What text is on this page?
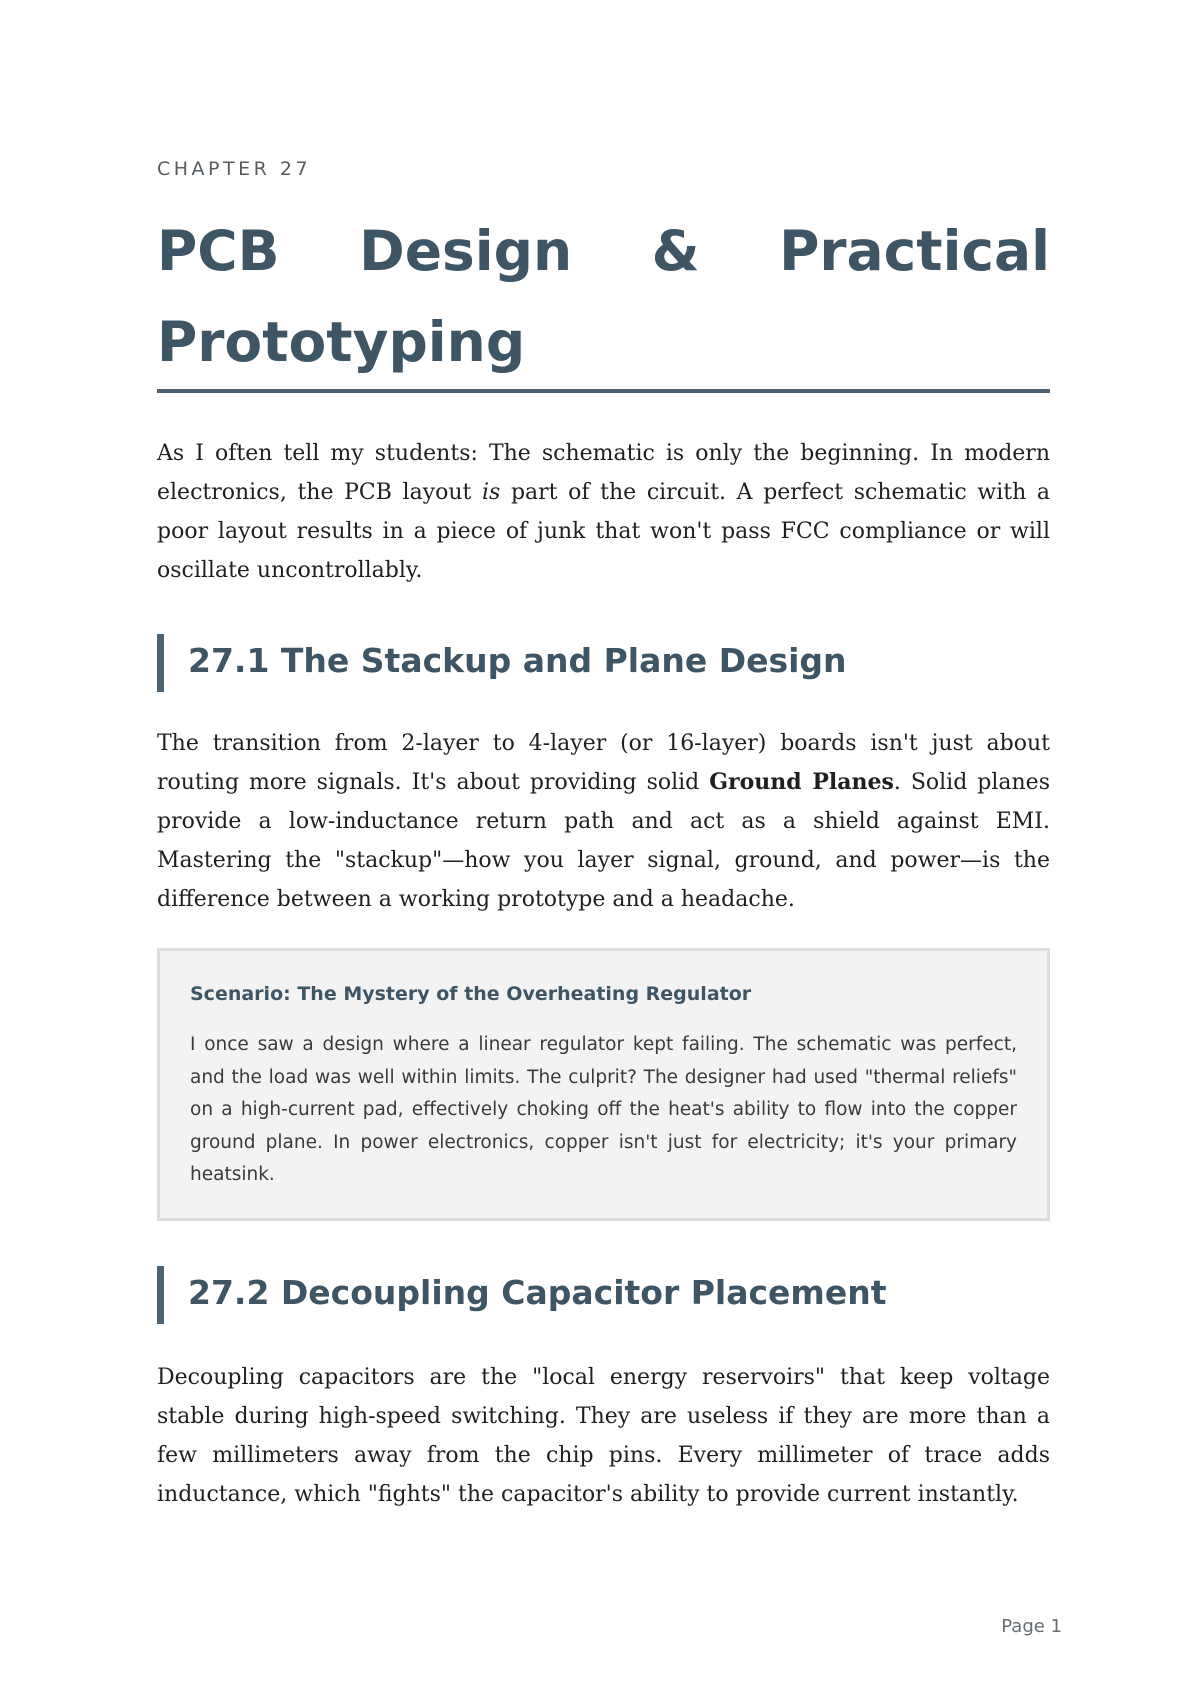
CHAPTER 27
PCB Design & Practical Prototyping

As I often tell my students: The schematic is only the beginning. In modern electronics, the PCB layout is part of the circuit. A perfect schematic with a poor layout results in a piece of junk that won't pass FCC compliance or will oscillate uncontrollably.

27.1 The Stackup and Plane Design

The transition from 2-layer to 4-layer (or 16-layer) boards isn't just about routing more signals. It's about providing solid Ground Planes. Solid planes provide a low-inductance return path and act as a shield against EMI. Mastering the "stackup"—how you layer signal, ground, and power—is the difference between a working prototype and a headache.

Scenario: The Mystery of the Overheating Regulator

I once saw a design where a linear regulator kept failing. The schematic was perfect, and the load was well within limits. The culprit? The designer had used "thermal reliefs" on a high-current pad, effectively choking off the heat's ability to flow into the copper ground plane. In power electronics, copper isn't just for electricity; it's your primary heatsink.

27.2 Decoupling Capacitor Placement

Decoupling capacitors are the "local energy reservoirs" that keep voltage stable during high-speed switching. They are useless if they are more than a few millimeters away from the chip pins. Every millimeter of trace adds inductance, which "fights" the capacitor's ability to provide current instantly.

Page 1
